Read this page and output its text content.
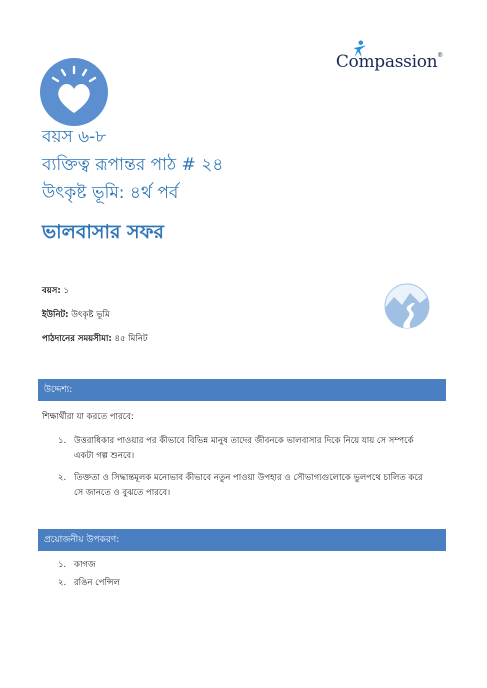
Compassion®
বয়স ৬-৮
ব্যক্তিত্ব রূপান্তর পাঠ # ২৪
উৎকৃষ্ট ভূমি: ৪র্থ পর্ব
ভালবাসার সফর
বয়স: ১
ইউনিট: উৎকৃষ্ট ভূমি
পাঠদানের সময়সীমা: ৪৫ মিনিট
উদ্দেশ্য:
শিক্ষার্থীরা যা করতে পারবে:
১. উত্তরাধিকার পাওয়ার পর কীভাবে বিভিন্ন মানুষ তাদের জীবনকে ভালবাসার দিকে নিয়ে যায় সে সম্পর্কে একটা গল্প শুনবে।
২. তিক্ততা ও সিদ্ধান্তমূলক মনোভাব কীভাবে নতুন পাওয়া উপহার ও সৌভাগ্যগুলোকে ভুলপথে চালিত করে সে জানতে ও বুঝতে পারবে।
প্রয়োজনীয় উপকরণ:
১. কাগজ
২. রঙিন পেন্সিল
